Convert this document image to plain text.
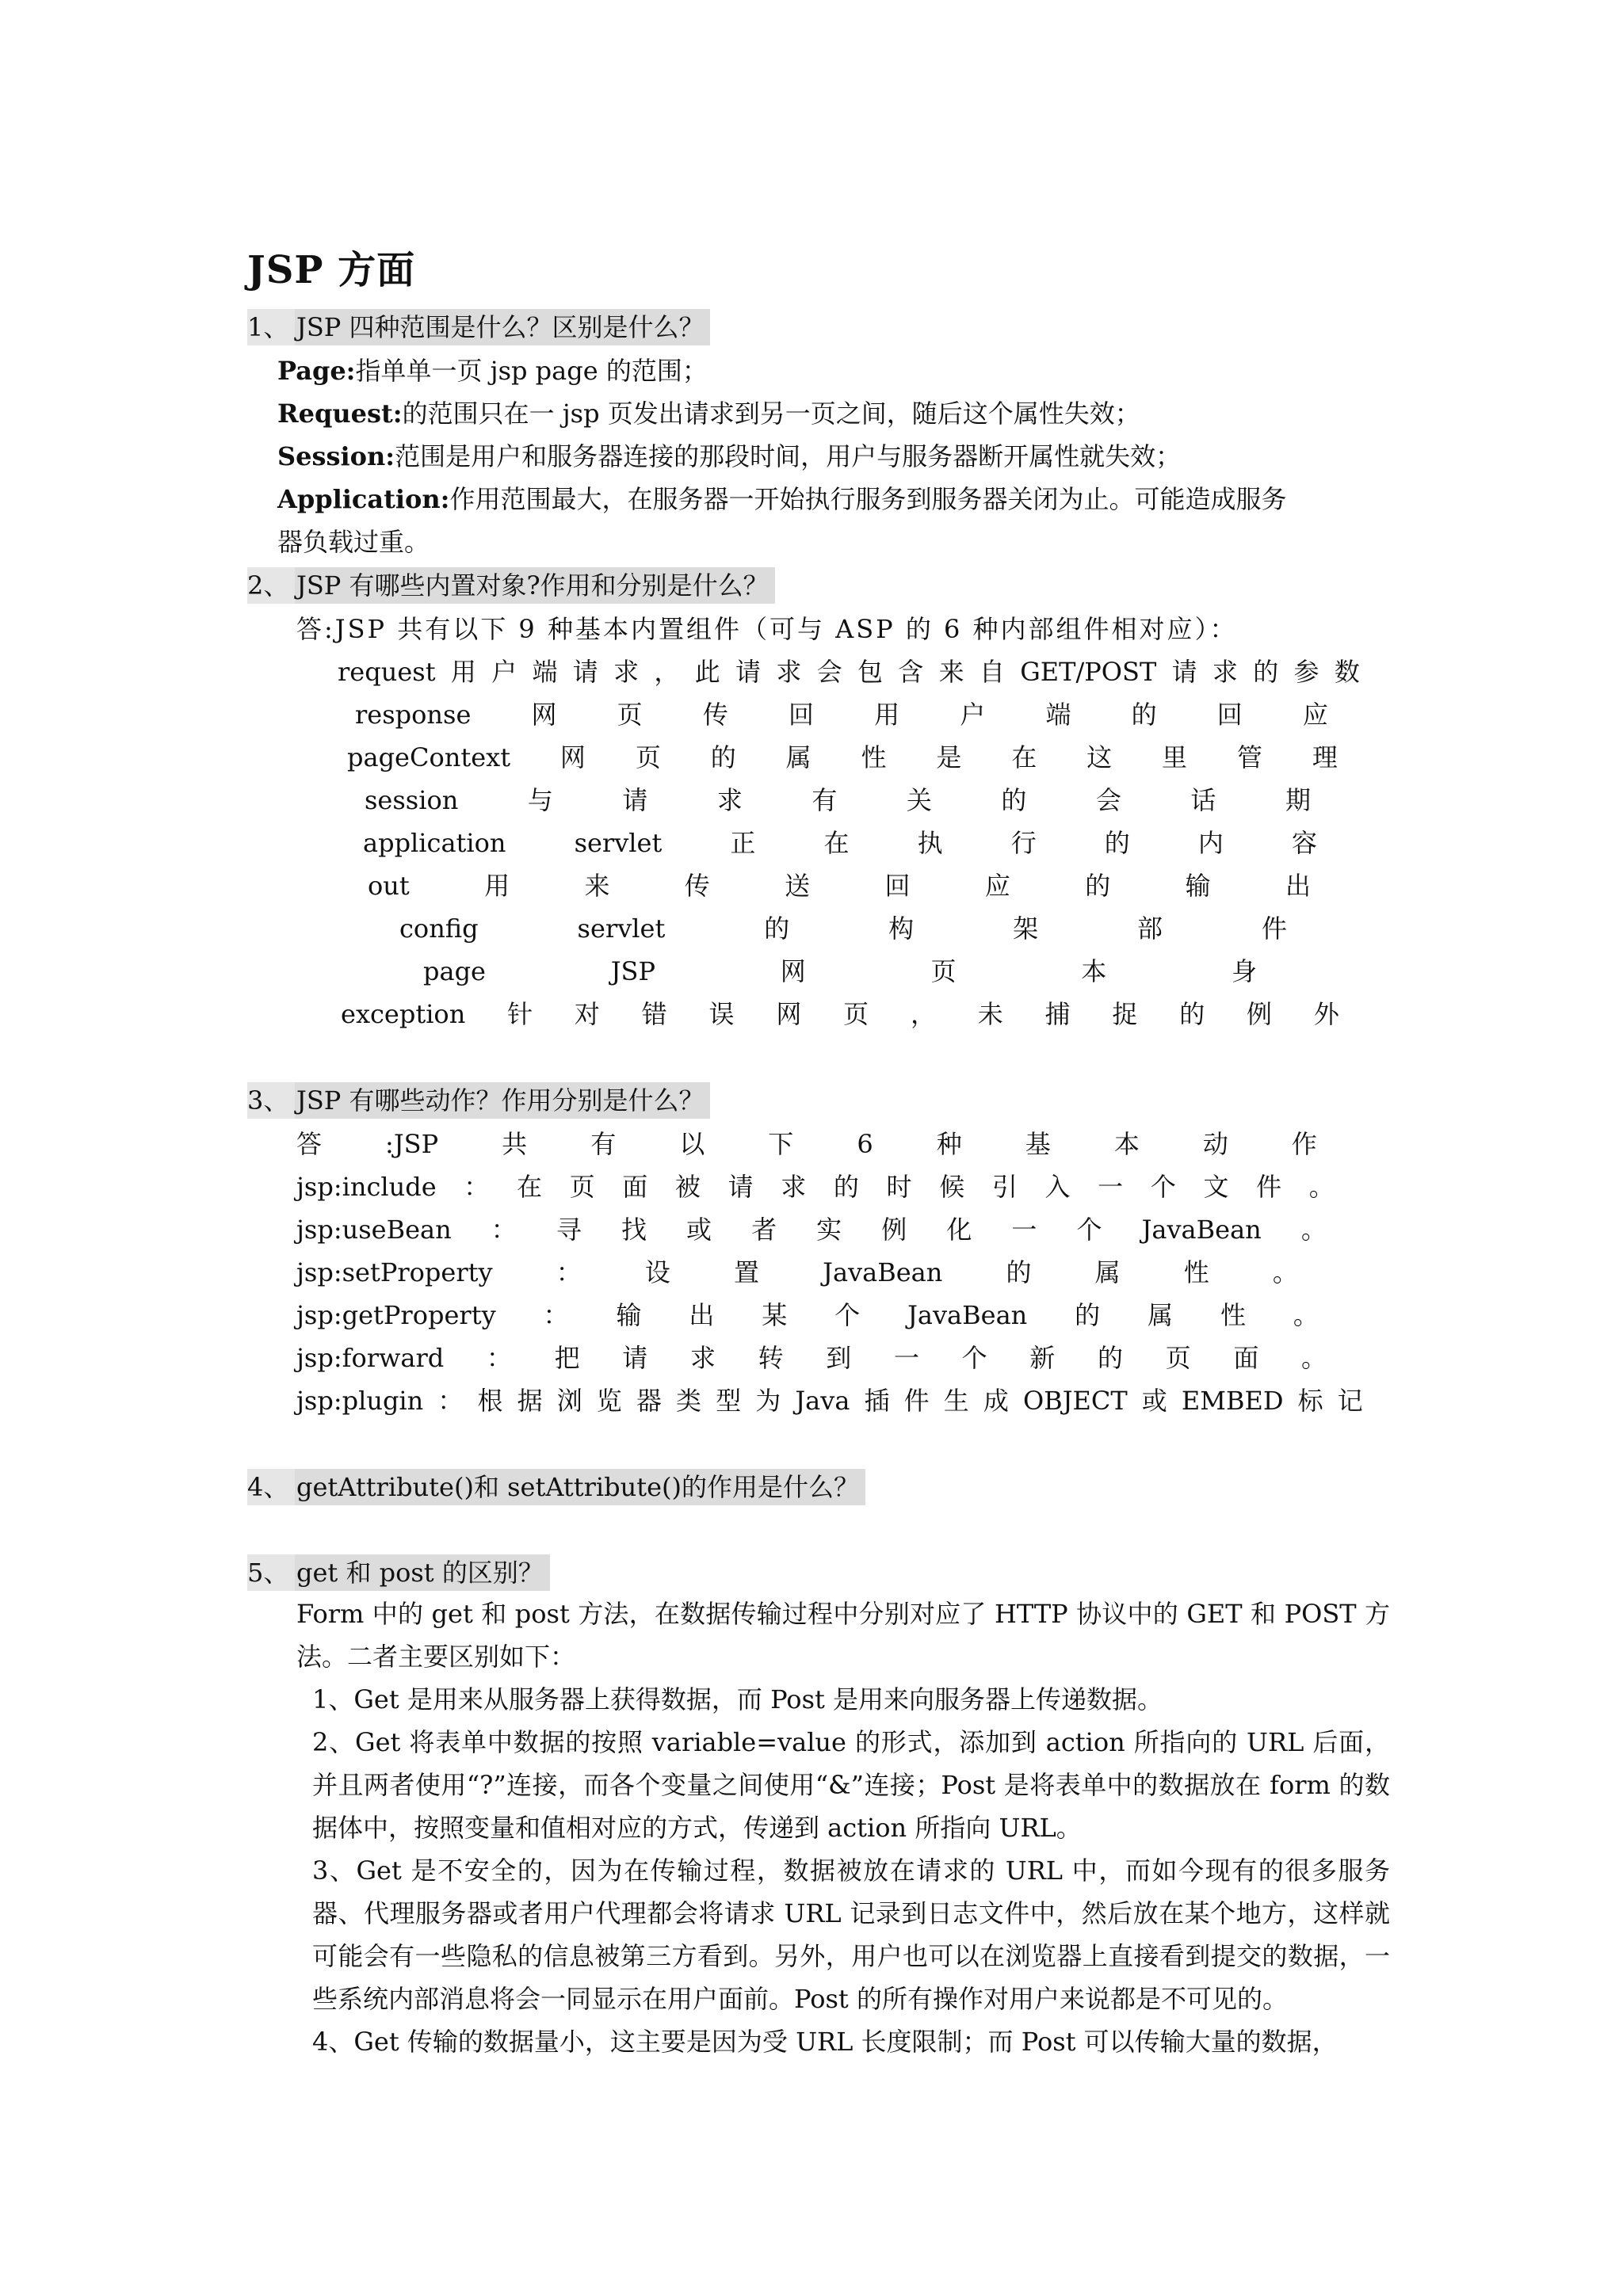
JSP 方面
1、 JSP 四种范围是什么？区别是什么？
Page:指单单一页 jsp page 的范围；
Request:的范围只在一 jsp 页发出请求到另一页之间，随后这个属性失效；
Session:范围是用户和服务器连接的那段时间，用户与服务器断开属性就失效；
Application:作用范围最大，在服务器一开始执行服务到服务器关闭为止。可能造成服务
器负载过重。
2、 JSP 有哪些内置对象?作用和分别是什么？
答:JSP 共有以下 9 种基本内置组件（可与 ASP 的 6 种内部组件相对应）：
request 用 户 端 请 求 ， 此 请 求 会 包 含 来 自 GET/POST 请 求 的 参 数
response 网 页 传 回 用 户 端 的 回 应
pageContext 网 页 的 属 性 是 在 这 里 管 理
session	与	请	求	有	关	的	会	话	期
application	servlet	正	在	执	行	的	内	容
out	用	来	传	送	回	应	的	输	出
config	servlet	的	构	架	部	件
page	JSP	网	页	本	身
exception 针 对 错 误 网 页 ， 未 捕 捉 的 例 外
3、 JSP 有哪些动作？作用分别是什么？
答	:JSP	共	有	以	下	6	种	基	本	动	作
jsp:include ： 在 页 面 被 请 求 的 时 候 引 入 一 个 文 件 。
jsp:useBean ： 寻 找 或 者 实 例 化 一 个 JavaBean 。
jsp:setProperty	：	设	置	JavaBean	的	属	性	。
jsp:getProperty ： 输 出 某 个 JavaBean 的 属 性 。
jsp:forward ： 把 请 求 转 到 一 个 新 的 页 面 。
jsp:plugin ： 根 据 浏 览 器 类 型 为 Java 插 件 生 成 OBJECT 或 EMBED 标 记
4、 getAttribute()和 setAttribute()的作用是什么？
5、 get 和 post 的区别？

Form 中的 get 和 post 方法，在数据传输过程中分别对应了 HTTP 协议中的 GET 和 POST 方法。二者主要区别如下：

1、Get 是用来从服务器上获得数据，而 Post 是用来向服务器上传递数据。

2、Get 将表单中数据的按照 variable=value 的形式，添加到 action 所指向的 URL 后面，并且两者使用“?”连接，而各个变量之间使用“&”连接；Post 是将表单中的数据放在 form 的数据体中，按照变量和值相对应的方式，传递到 action 所指向 URL。

3、Get 是不安全的，因为在传输过程，数据被放在请求的 URL 中，而如今现有的很多服务器、代理服务器或者用户代理都会将请求 URL 记录到日志文件中，然后放在某个地方，这样就可能会有一些隐私的信息被第三方看到。另外，用户也可以在浏览器上直接看到提交的数据，一些系统内部消息将会一同显示在用户面前。Post 的所有操作对用户来说都是不可见的。

4、Get 传输的数据量小，这主要是因为受 URL 长度限制；而 Post 可以传输大量的数据，
